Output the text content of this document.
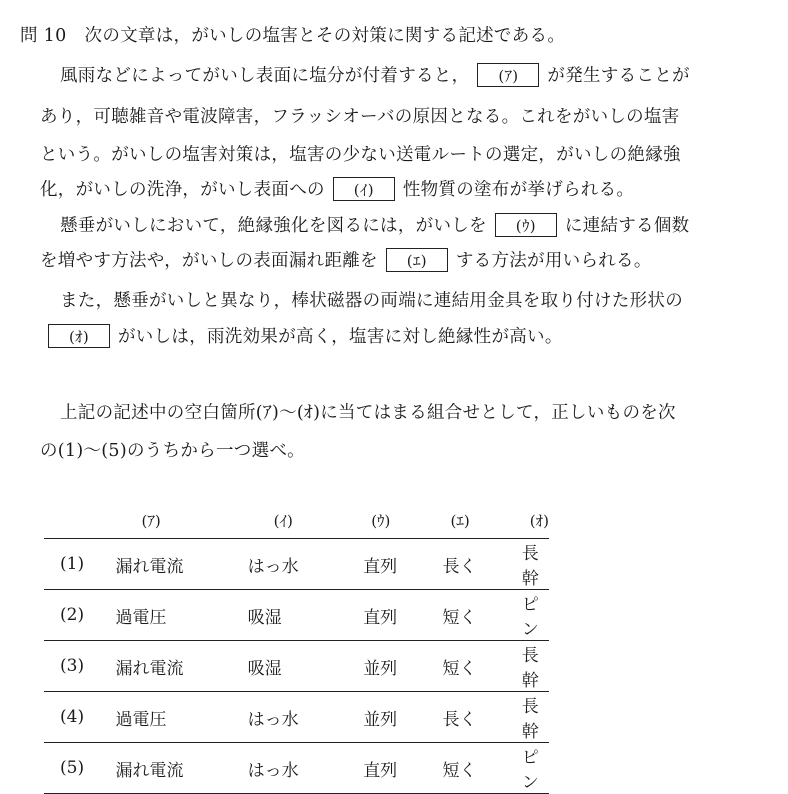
問 10 次の文章は，がいしの塩害とその対策に関する記述である。
風雨などによってがいし表面に塩分が付着すると， (ｱ) が発生することが
あり，可聴雑音や電波障害，フラッシオーバの原因となる。これをがいしの塩害
という。がいしの塩害対策は，塩害の少ない送電ルートの選定，がいしの絶縁強
化，がいしの洗浄，がいし表面への (ｲ) 性物質の塗布が挙げられる。
懸垂がいしにおいて，絶縁強化を図るには，がいしを (ｳ) に連結する個数
を増やす方法や，がいしの表面漏れ距離を (ｴ) する方法が用いられる。
また，懸垂がいしと異なり，棒状磁器の両端に連結用金具を取り付けた形状の
(ｵ) がいしは，雨洗効果が高く，塩害に対し絶縁性が高い。
上記の記述中の空白箇所(ｱ)～(ｵ)に当てはまる組合せとして，正しいものを次
の(1)～(5)のうちから一つ選べ。
	(ｱ)	(ｲ)	(ｳ)	(ｴ)	(ｵ)
(1)	漏れ電流	はっ水	直列	長く	長幹
(2)	過電圧	吸湿	直列	短く	ピン
(3)	漏れ電流	吸湿	並列	短く	長幹
(4)	過電圧	はっ水	並列	長く	長幹
(5)	漏れ電流	はっ水	直列	短く	ピン
